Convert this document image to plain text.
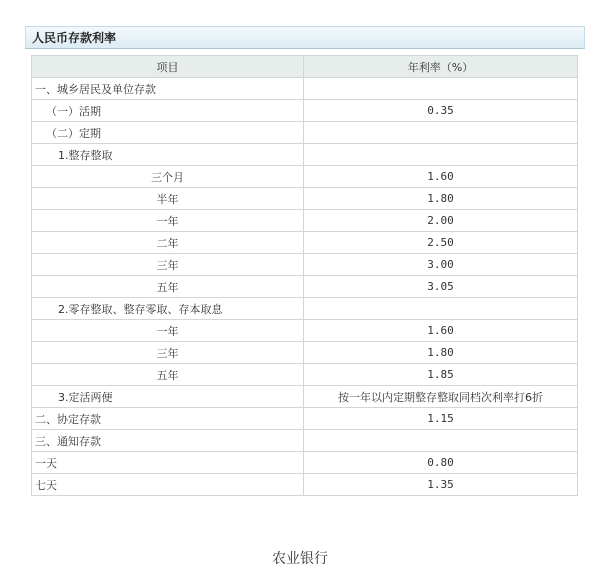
人民币存款利率
项目	年利率（%）
一、城乡居民及单位存款	
（一）活期	0.35
（二）定期	
1.整存整取	
三个月	1.60
半年	1.80
一年	2.00
二年	2.50
三年	3.00
五年	3.05
2.零存整取、整存零取、存本取息	
一年	1.60
三年	1.80
五年	1.85
3.定活两便	按一年以内定期整存整取同档次利率打6折
二、协定存款	1.15
三、通知存款	
一天	0.80
七天	1.35
农业银行
